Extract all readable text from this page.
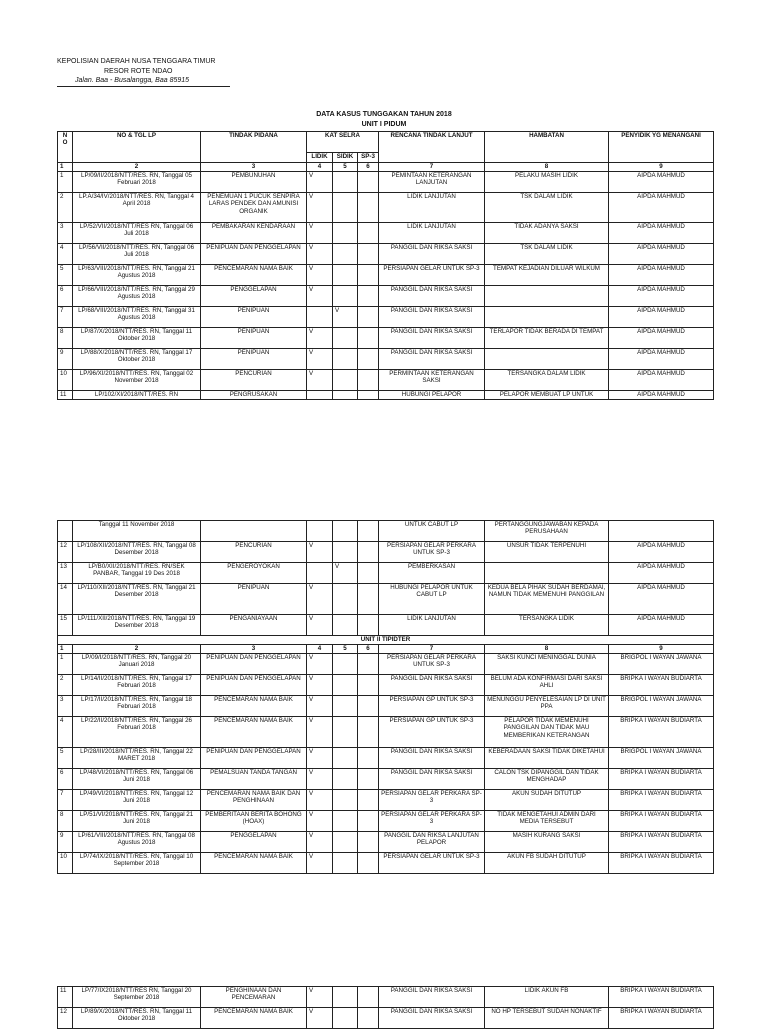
KEPOLISIAN DAERAH NUSA TENGGARA TIMUR
RESOR ROTE NDAO
Jalan. Baa - Busalangga, Baa 85915
DATA KASUS TUNGGAKAN TAHUN 2018
UNIT I PIDUM
N O	NO & TGL LP	TINDAK PIDANA	KAT SELRA			RENCANA TINDAK LANJUT	HAMBATAN	PENYIDIK YG MENANGANI
			LIDIK	SIDIK	SP-3			
1	2	3	4	5	6	7	8	9
1	LP/09/II/2018/NTT/RES. RN, Tanggal 05 Februari 2018	PEMBUNUHAN	V			PEMINTAAN KETERANGAN LANJUTAN	PELAKU MASIH LIDIK	AIPDA MAHMUD
2	LP.A/34/IV/2018/NTT/RES. RN, Tanggal 4 April 2018	PENEMUAN 1 PUCUK SENPIRA LARAS PENDEK DAN AMUNISI ORGANIK	V			LIDIK LANJUTAN	TSK DALAM LIDIK	AIPDA MAHMUD
3	LP/52/VII/2018/NTT/RES RN, Tanggal 06 Juli 2018	PEMBAKARAN KENDARAAN	V			LIDIK LANJUTAN	TIDAK ADANYA SAKSI	AIPDA MAHMUD
4	LP/56/VII/2018/NTT/RES. RN, Tanggal 06 Juli 2018	PENIPUAN DAN PENGGELAPAN	V			PANGGIL DAN RIKSA SAKSI	TSK DALAM LIDIK	AIPDA MAHMUD
5	LP/63/VIII/2018/NTT/RES. RN, Tanggal 21 Agustus 2018	PENCEMARAN NAMA BAIK	V			PERSIAPAN GELAR UNTUK SP-3	TEMPAT KEJADIAN DILUAR WILKUM	AIPDA MAHMUD
6	LP/66/VIII/2018/NTT/RES. RN, Tanggal 29 Agustus 2018	PENGGELAPAN	V			PANGGIL DAN RIKSA SAKSI		AIPDA MAHMUD
7	LP/68/VIII/2018/NTT/RES. RN, Tanggal 31 Agustus 2018	PENIPUAN		V		PANGGIL DAN RIKSA SAKSI		AIPDA MAHMUD
8	LP/87/X/2018/NTT/RES. RN, Tanggal 11 Oktober 2018	PENIPUAN	V			PANGGIL DAN RIKSA SAKSI	TERLAPOR TIDAK BERADA DI TEMPAT	AIPDA MAHMUD
9	LP/88/X/2018/NTT/RES. RN, Tanggal 17 Oktober 2018	PENIPUAN	V			PANGGIL DAN RIKSA SAKSI		AIPDA MAHMUD
10	LP/96/XI/2018/NTT/RES. RN, Tanggal 02 November 2018	PENCURIAN	V			PERMINTAAN KETERANGAN SAKSI	TERSANGKA DALAM LIDIK	AIPDA MAHMUD
11	LP/102/XI/2018/NTT/RES. RN	PENGRUSAKAN				HUBUNGI PELAPOR	PELAPOR MEMBUAT LP UNTUK	AIPDA MAHMUD
	Tanggal 11 November 2018					UNTUK CABUT LP	PERTANGGUNGJAWABAN KEPADA PERUSAHAAN	
12	LP/108/XII/2018/NTT/RES. RN, Tanggal 08 Desember 2018	PENCURIAN	V			PERSIAPAN GELAR PERKARA UNTUK SP-3	UNSUR TIDAK TERPENUHI	AIPDA MAHMUD
13	LP/B0/XII/2018/NTT/RES. RN/SEK PANBAR, Tanggal 19 Des 2018	PENGEROYOKAN		V		PEMBERKASAN		AIPDA MAHMUD
14	LP/110/XII/2018/NTT/RES. RN, Tanggal 21 Desember 2018	PENIPUAN	V			HUBUNGI PELAPOR UNTUK CABUT LP	KEDUA BELA PIHAK SUDAH BERDAMAI, NAMUN TIDAK MEMENUHI PANGGILAN	AIPDA MAHMUD
15	LP/111/XII/2018/NTT/RES. RN, Tanggal 19 Desember 2018	PENGANIAYAAN	V			LIDIK LANJUTAN	TERSANGKA LIDIK	AIPDA MAHMUD
UNIT II TIPIDTER								
1	2	3	4	5	6	7	8	9
1	LP/09/I/2018/NTT/RES. RN, Tanggal 20 Januari 2018	PENIPUAN DAN PENGGELAPAN	V			PERSIAPAN GELAR PERKARA UNTUK SP-3	SAKSI KUNCI MENINGGAL DUNIA	BRIGPOL I WAYAN JAWANA
2	LP/14/II/2018/NTT/RES. RN, Tanggal 17 Februari 2018	PENIPUAN DAN PENGGELAPAN	V			PANGGIL DAN RIKSA SAKSI	BELUM ADA KONFIRMASI DARI SAKSI AHLI	BRIPKA I WAYAN BUDIARTA
3	LP/17/II/2018/NTT/RES. RN, Tanggal 18 Februari 2018	PENCEMARAN NAMA BAIK	V			PERSIAPAN GP UNTUK SP-3	MENUNGGU PENYELESAIAN LP DI UNIT PPA	BRIGPOL I WAYAN JAWANA
4	LP/22/II/2018/NTT/RES. RN, Tanggal 26 Februari 2018	PENCEMARAN NAMA BAIK	V			PERSIAPAN GP UNTUK SP-3	PELAPOR TIDAK MEMENUHI PANGGILAN DAN TIDAK MAU MEMBERIKAN KETERANGAN	BRIPKA I WAYAN BUDIARTA
5	LP/28/III/2018/NTT/RES. RN, Tanggal 22 MARET 2018	PENIPUAN DAN PENGGELAPAN	V			PANGGIL DAN RIKSA SAKSI	KEBERADAAN SAKSI TIDAK DIKETAHUI	BRIGPOL I WAYAN JAWANA
6	LP/48/VI/2018/NTT/RES. RN, Tanggal 06 Juni 2018	PEMALSUAN TANDA TANGAN	V			PANGGIL DAN RIKSA SAKSI	CALON TSK DIPANGGIL DAN TIDAK MENGHADAP	BRIPKA I WAYAN BUDIARTA
7	LP/49/VI/2018/NTT/RES. RN, Tanggal 12 Juni 2018	PENCEMARAN NAMA BAIK DAN PENGHINAAN	V			PERSIAPAN GELAR PERKARA SP-3	AKUN SUDAH DITUTUP	BRIPKA I WAYAN BUDIARTA
8	LP/51/VI/2018/NTT/RES. RN, Tanggal 21 Juni 2018	PEMBERITAAN BERITA BOHONG (HOAX)	V			PERSIAPAN GELAR PERKARA SP-3	TIDAK MENGETAHUI ADMIN DARI MEDIA TERSEBUT	BRIPKA I WAYAN BUDIARTA
9	LP/61/VIII/2018/NTT/RES. RN, Tanggal 08 Agustus 2018	PENGGELAPAN	V			PANGGIL DAN RIKSA LANJUTAN PELAPOR	MASIH KURANG SAKSI	BRIPKA I WAYAN BUDIARTA
10	LP/74/IX/2018/NTT/RES. RN, Tanggal 10 September 2018	PENCEMARAN NAMA BAIK	V			PERSIAPAN GELAR UNTUK SP-3	AKUN FB SUDAH DITUTUP	BRIPKA I WAYAN BUDIARTA
11	LP/77/IX2018/NTT/RES RN, Tanggal 20 September 2018	PENGHINAAN DAN PENCEMARAN	V			PANGGIL DAN RIKSA SAKSI	LIDIK AKUN FB	BRIPKA I WAYAN BUDIARTA
12	LP/89/X/2018/NTT/RES. RN, Tanggal 11 Oktober 2018	PENCEMARAN NAMA BAIK	V			PANGGIL DAN RIKSA SAKSI	NO HP TERSEBUT SUDAH NONAKTIF	BRIPKA I WAYAN BUDIARTA
